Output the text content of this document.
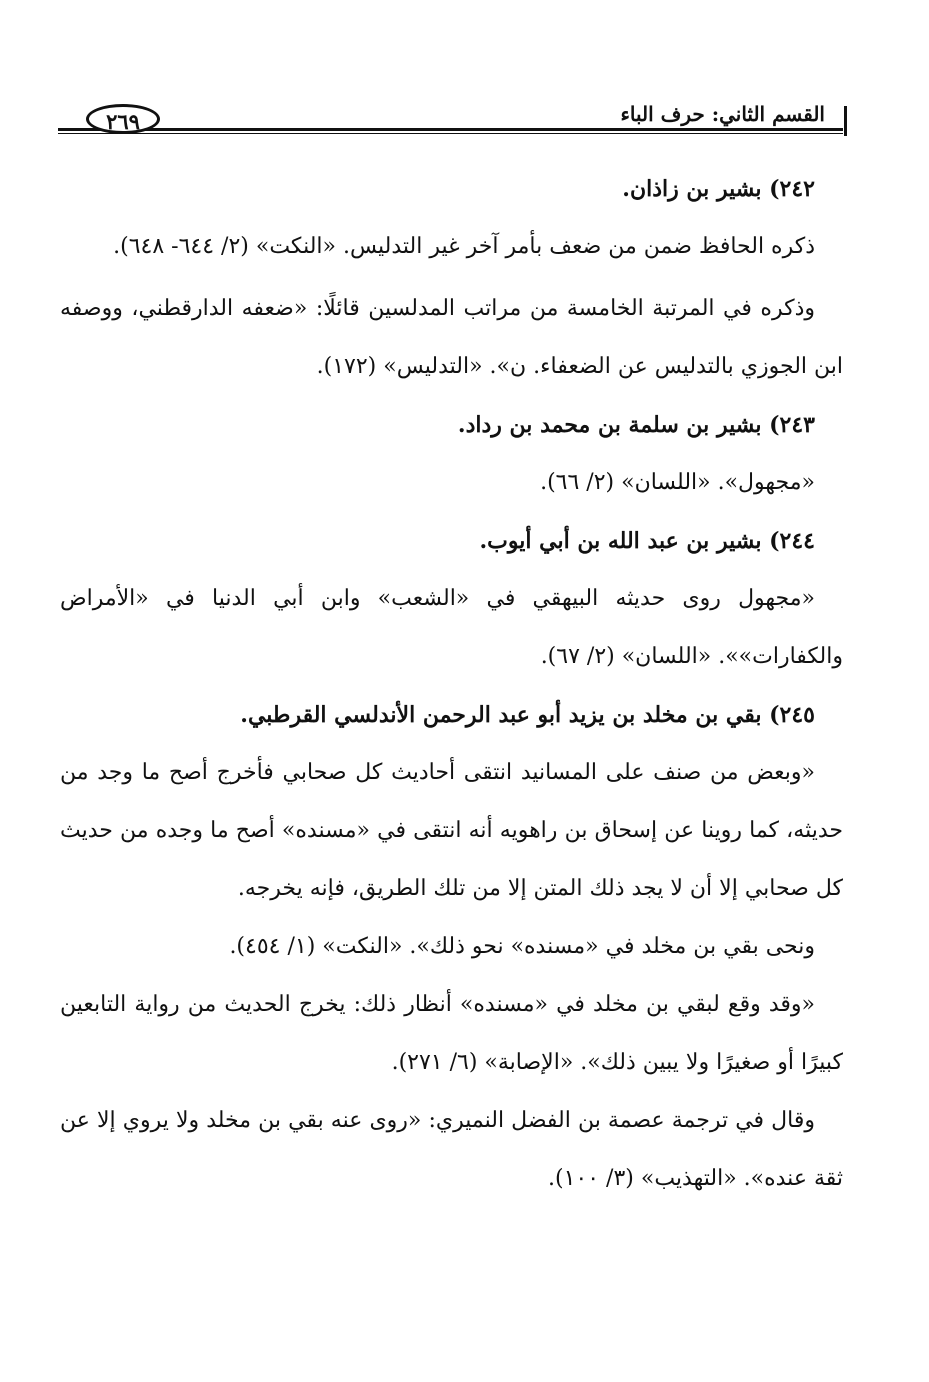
القسم الثاني: حرف الباء
٢٦٩

٢٤٢) بشير بن زاذان.

ذكره الحافظ ضمن من ضعف بأمر آخر غير التدليس. «النكت» (٢/ ٦٤٤- ٦٤٨).

وذكره في المرتبة الخامسة من مراتب المدلسين قائلًا: «ضعفه الدارقطني، ووصفه ابن الجوزي بالتدليس عن الضعفاء. ن». «التدليس» (١٧٢).

٢٤٣) بشير بن سلمة بن محمد بن رداد.

«مجهول». «اللسان» (٢/ ٦٦).

٢٤٤) بشير بن عبد الله بن أبي أيوب.

«مجهول روى حديثه البيهقي في «الشعب» وابن أبي الدنيا في «الأمراض والكفارات»». «اللسان» (٢/ ٦٧).

٢٤٥) بقي بن مخلد بن يزيد أبو عبد الرحمن الأندلسي القرطبي.

«وبعض من صنف على المسانيد انتقى أحاديث كل صحابي فأخرج أصح ما وجد من حديثه، كما روينا عن إسحاق بن راهويه أنه انتقى في «مسنده» أصح ما وجده من حديث كل صحابي إلا أن لا يجد ذلك المتن إلا من تلك الطريق، فإنه يخرجه.

ونحى بقي بن مخلد في «مسنده» نحو ذلك». «النكت» (١/ ٤٥٤).

«وقد وقع لبقي بن مخلد في «مسنده» أنظار ذلك: يخرج الحديث من رواية التابعين كبيرًا أو صغيرًا ولا يبين ذلك». «الإصابة» (٦/ ٢٧١).

وقال في ترجمة عصمة بن الفضل النميري: «روى عنه بقي بن مخلد ولا يروي إلا عن ثقة عنده». «التهذيب» (٣/ ١٠٠).
